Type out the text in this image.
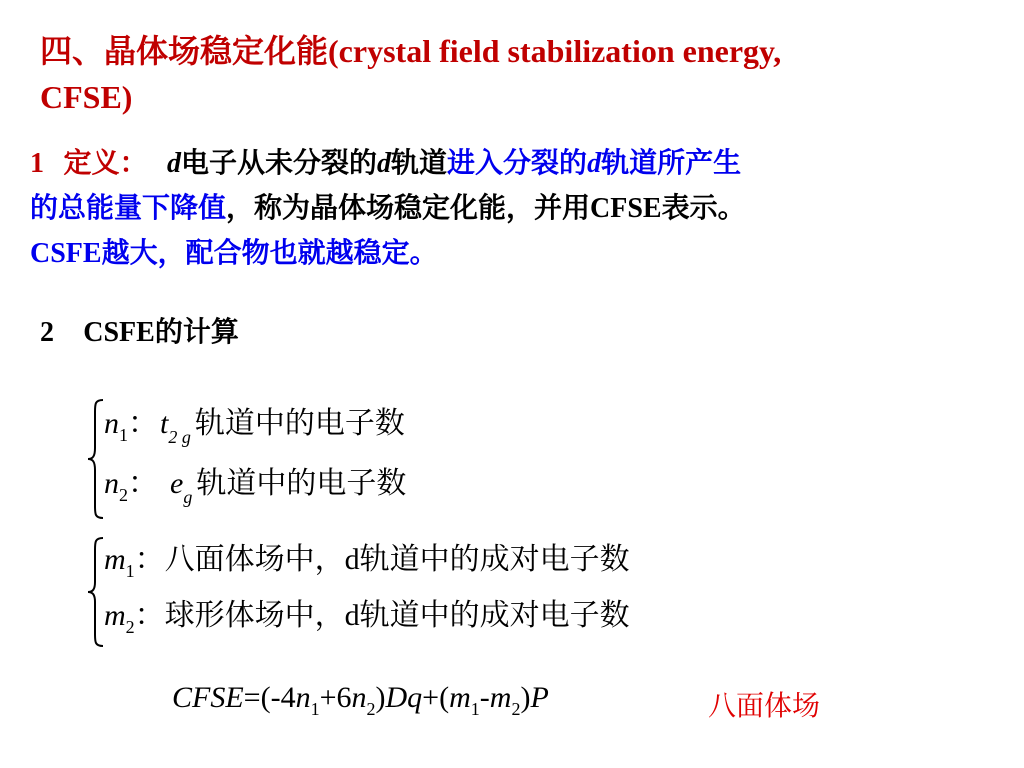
四、晶体场稳定化能(crystal field stabilization energy,
CFSE)
1 定义： d电子从未分裂的d轨道进入分裂的d轨道所产生
的总能量下降值，称为晶体场稳定化能，并用CFSE表示。
CSFE越大，配合物也就越稳定。
2 CSFE的计算
$n_1$：$t_{2 g}$ 轨道中的电子数
$n_2$： $e_g$ 轨道中的电子数
$m_1$：八面体场中，d轨道中的成对电子数
$m_2$：球形体场中，d轨道中的成对电子数
$CFSE=(-4n_1+6n_2)Dq+(m_1-m_2)P$	八面体场
